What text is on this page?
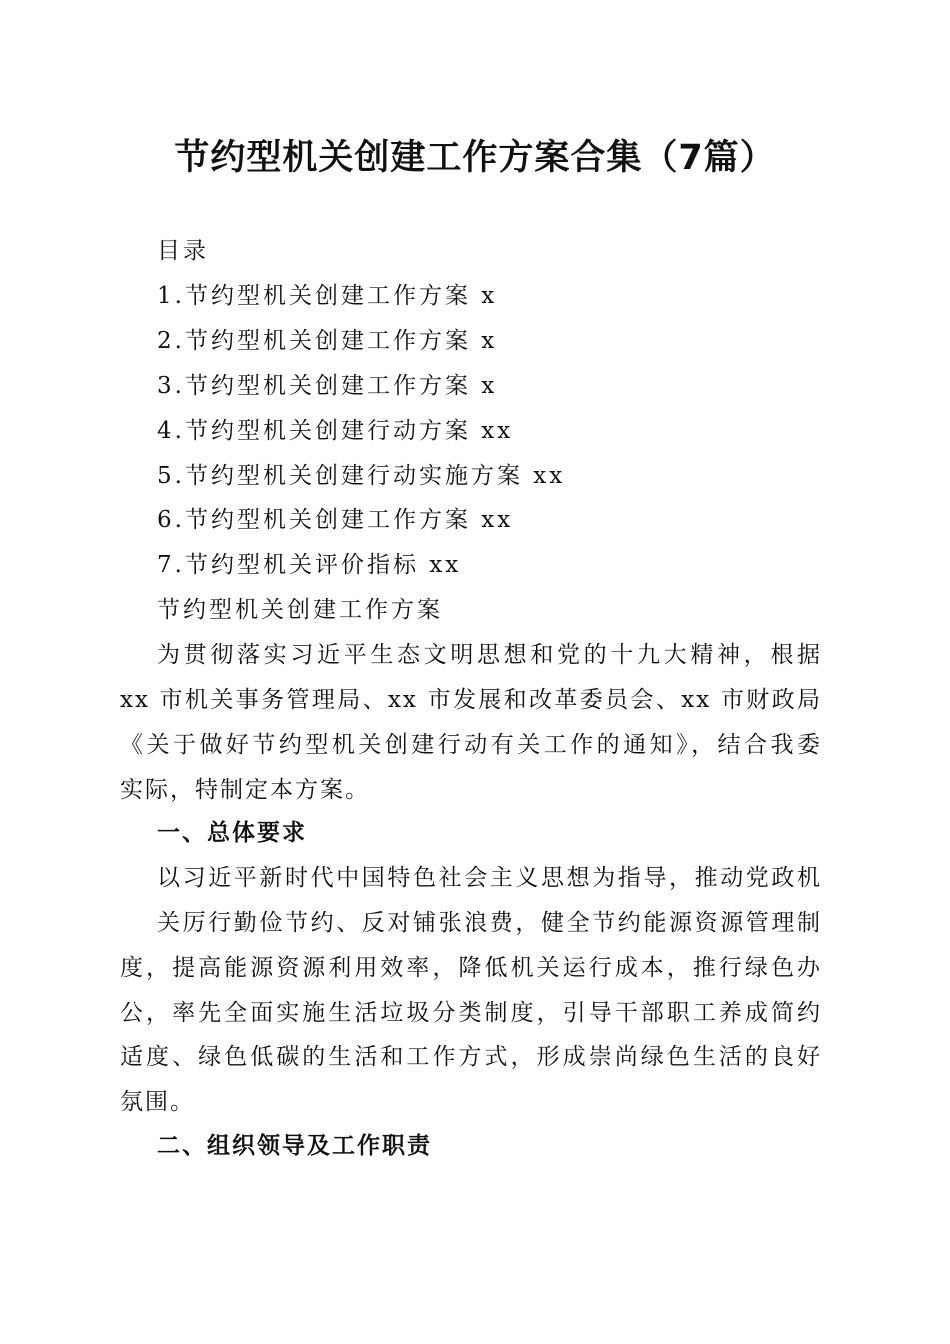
节约型机关创建工作方案合集（7篇）
目录
1.节约型机关创建工作方案 x
2.节约型机关创建工作方案 x
3.节约型机关创建工作方案 x
4.节约型机关创建行动方案 xx
5.节约型机关创建行动实施方案 xx
6.节约型机关创建工作方案 xx
7.节约型机关评价指标 xx
节约型机关创建工作方案
为贯彻落实习近平生态文明思想和党的十九大精神，根据
xx 市机关事务管理局、xx 市发展和改革委员会、xx 市财政局
《关于做好节约型机关创建行动有关工作的通知》，结合我委
实际，特制定本方案。
一、总体要求
以习近平新时代中国特色社会主义思想为指导，推动党政机
关厉行勤俭节约、反对铺张浪费，健全节约能源资源管理制
度，提高能源资源利用效率，降低机关运行成本，推行绿色办
公，率先全面实施生活垃圾分类制度，引导干部职工养成简约
适度、绿色低碳的生活和工作方式，形成崇尚绿色生活的良好
氛围。
二、组织领导及工作职责
